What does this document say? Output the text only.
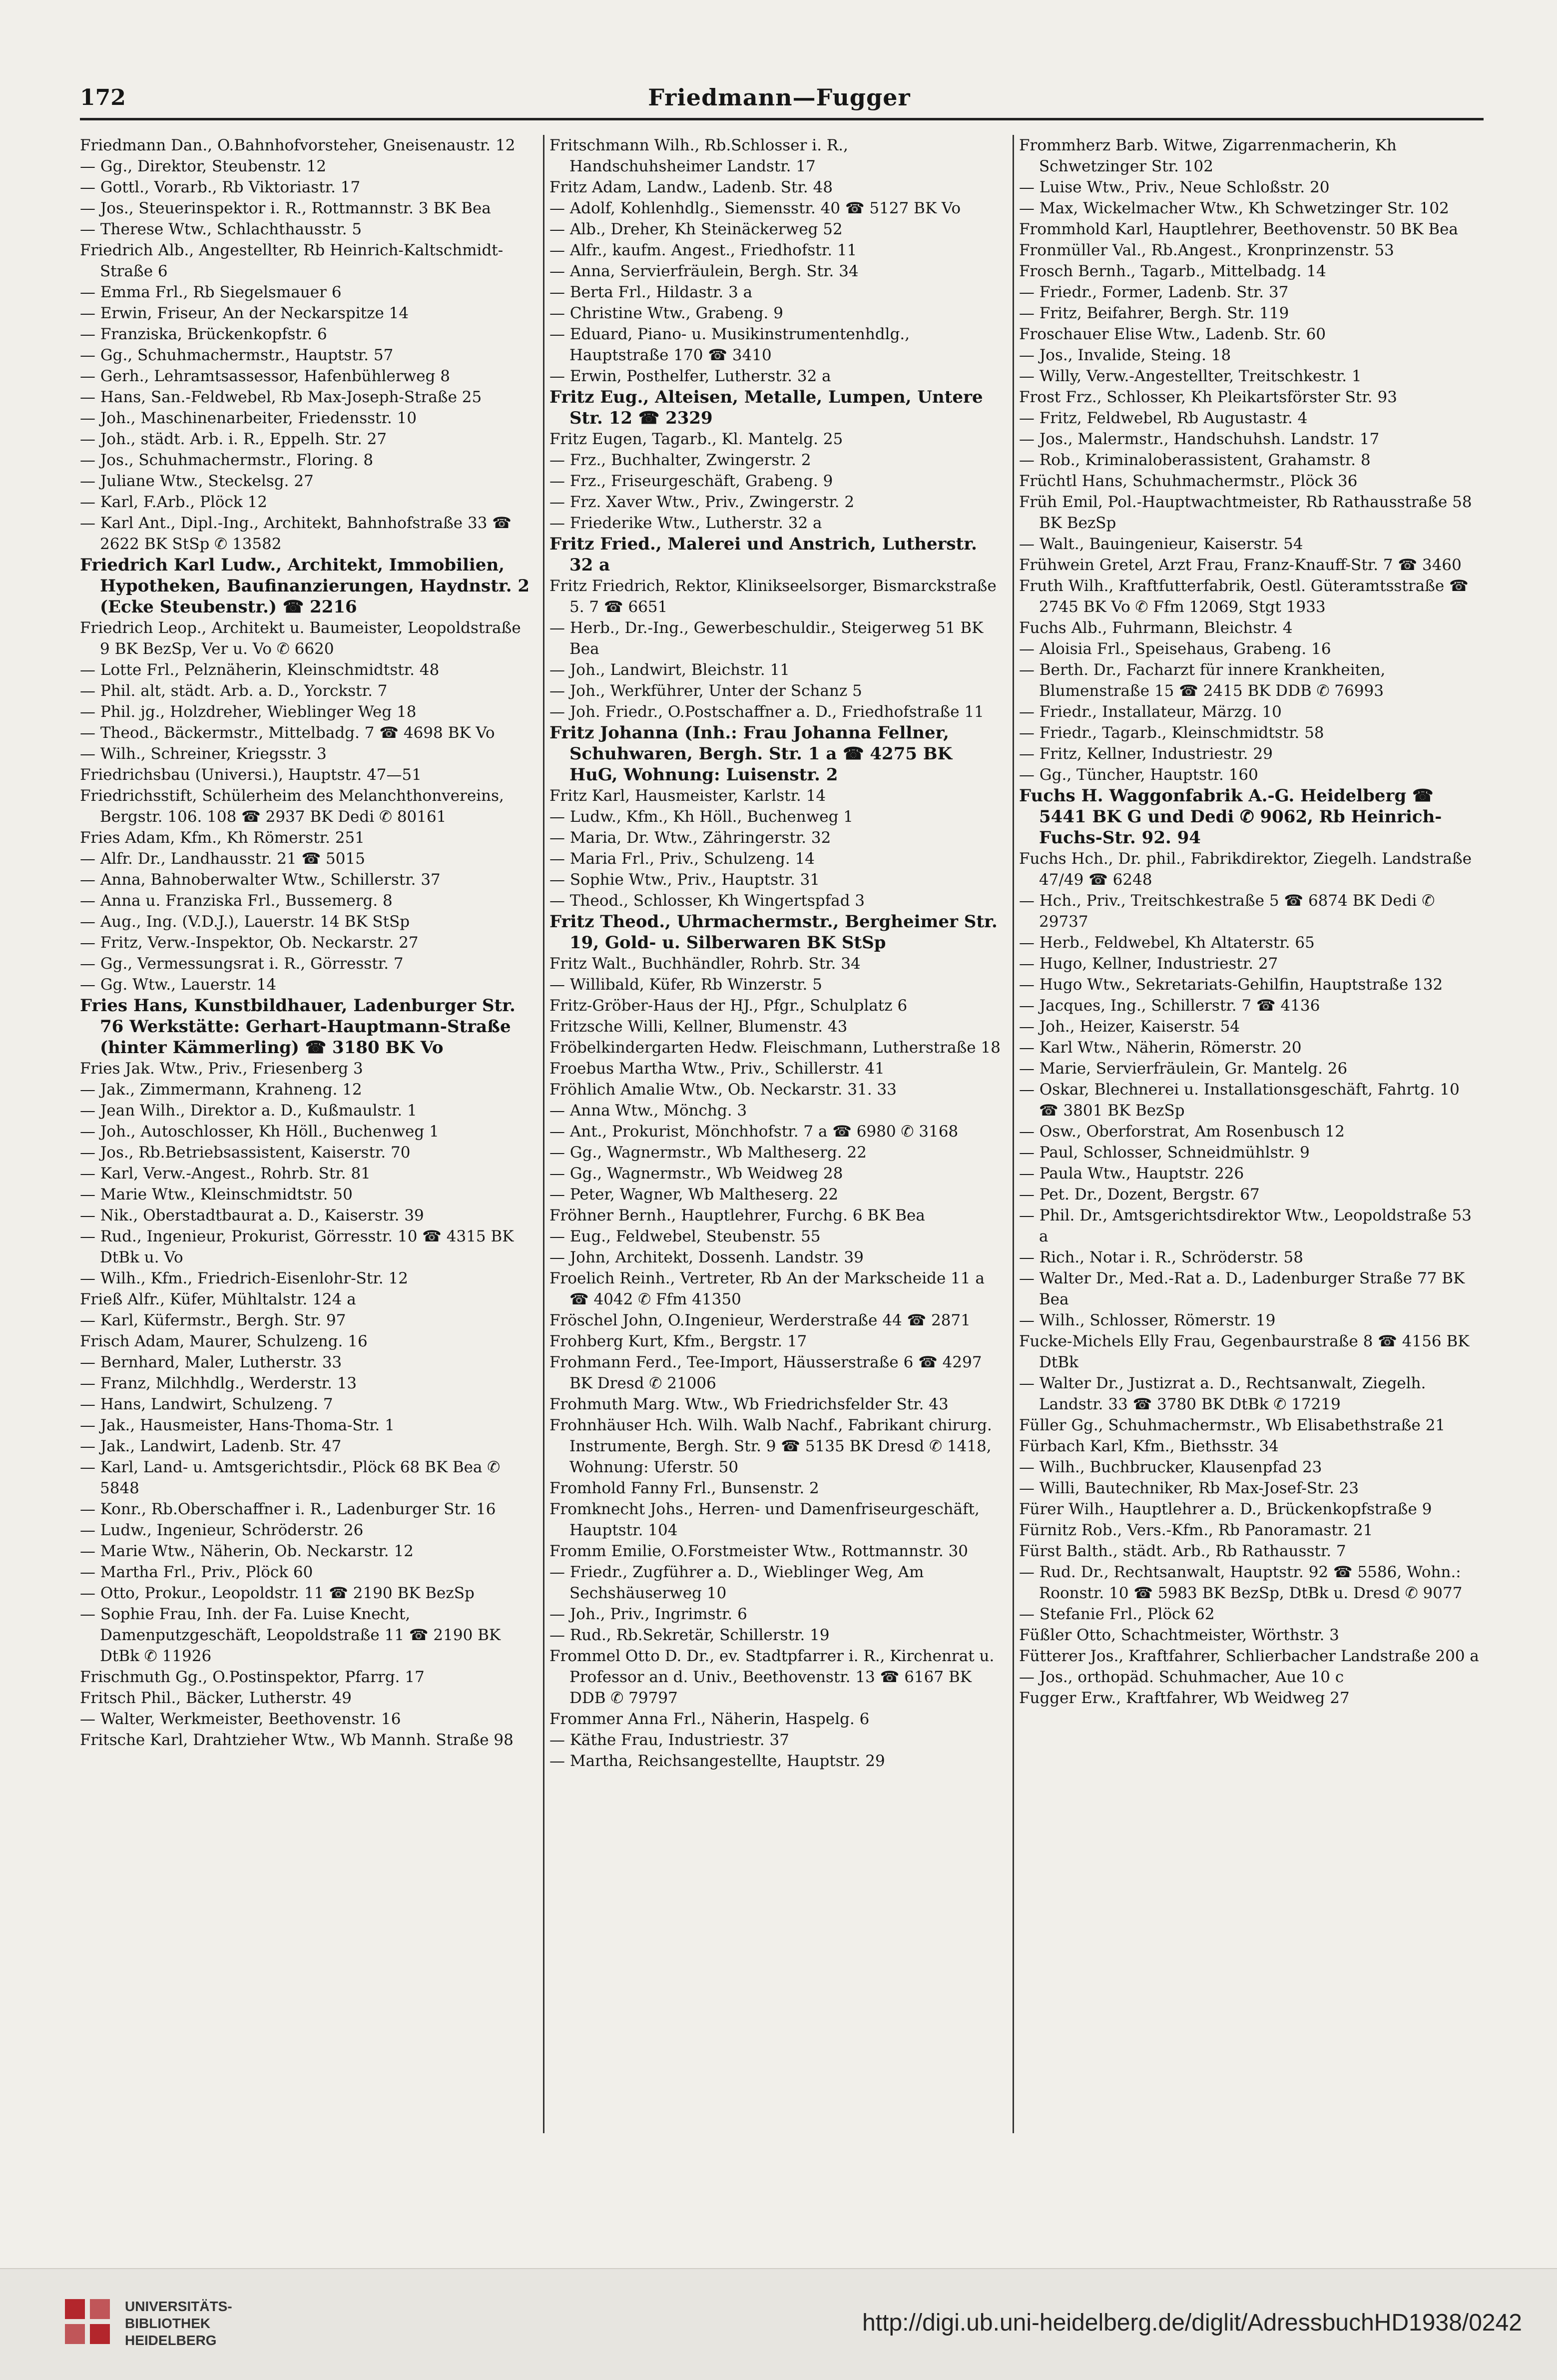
172	Friedmann—Fugger

Friedmann Dan., O.Bahnhofvorsteher, Gneisenaustr. 12

— Gg., Direktor, Steubenstr. 12

— Gottl., Vorarb., Rb Viktoriastr. 17

— Jos., Steuerinspektor i. R., Rottmannstr. 3 BK Bea

— Therese Wtw., Schlachthausstr. 5

Friedrich Alb., Angestellter, Rb Heinrich-Kaltschmidt-Straße 6

— Emma Frl., Rb Siegelsmauer 6

— Erwin, Friseur, An der Neckarspitze 14

— Franziska, Brückenkopfstr. 6

— Gg., Schuhmachermstr., Hauptstr. 57

— Gerh., Lehramtsassessor, Hafenbühlerweg 8

— Hans, San.-Feldwebel, Rb Max-Joseph-Straße 25

— Joh., Maschinenarbeiter, Friedensstr. 10

— Joh., städt. Arb. i. R., Eppelh. Str. 27

— Jos., Schuhmachermstr., Floring. 8

— Juliane Wtw., Steckelsg. 27

— Karl, F.Arb., Plöck 12

— Karl Ant., Dipl.-Ing., Architekt, Bahnhofstraße 33 ☎ 2622 BK StSp ✆ 13582

Friedrich Karl Ludw., Architekt, Immobilien, Hypotheken, Baufinanzierungen, Haydnstr. 2 (Ecke Steubenstr.) ☎ 2216

Friedrich Leop., Architekt u. Baumeister, Leopoldstraße 9 BK BezSp, Ver u. Vo ✆ 6620

— Lotte Frl., Pelznäherin, Kleinschmidtstr. 48

— Phil. alt, städt. Arb. a. D., Yorckstr. 7

— Phil. jg., Holzdreher, Wieblinger Weg 18

— Theod., Bäckermstr., Mittelbadg. 7 ☎ 4698 BK Vo

— Wilh., Schreiner, Kriegsstr. 3

Friedrichsbau (Universi.), Hauptstr. 47—51

Friedrichsstift, Schülerheim des Melanchthonvereins, Bergstr. 106. 108 ☎ 2937 BK Dedi ✆ 80161

Fries Adam, Kfm., Kh Römerstr. 251

— Alfr. Dr., Landhausstr. 21 ☎ 5015

— Anna, Bahnoberwalter Wtw., Schillerstr. 37

— Anna u. Franziska Frl., Bussemerg. 8

— Aug., Ing. (V.D.J.), Lauerstr. 14 BK StSp

— Fritz, Verw.-Inspektor, Ob. Neckarstr. 27

— Gg., Vermessungsrat i. R., Görresstr. 7

— Gg. Wtw., Lauerstr. 14

Fries Hans, Kunstbildhauer, Ladenburger Str. 76 Werkstätte: Gerhart-Hauptmann-Straße (hinter Kämmerling) ☎ 3180 BK Vo

Fries Jak. Wtw., Priv., Friesenberg 3

— Jak., Zimmermann, Krahneng. 12

— Jean Wilh., Direktor a. D., Kußmaulstr. 1

— Joh., Autoschlosser, Kh Höll., Buchenweg 1

— Jos., Rb.Betriebsassistent, Kaiserstr. 70

— Karl, Verw.-Angest., Rohrb. Str. 81

— Marie Wtw., Kleinschmidtstr. 50

— Nik., Oberstadtbaurat a. D., Kaiserstr. 39

— Rud., Ingenieur, Prokurist, Görresstr. 10 ☎ 4315 BK DtBk u. Vo

— Wilh., Kfm., Friedrich-Eisenlohr-Str. 12

Frieß Alfr., Küfer, Mühltalstr. 124 a

— Karl, Küfermstr., Bergh. Str. 97

Frisch Adam, Maurer, Schulzeng. 16

— Bernhard, Maler, Lutherstr. 33

— Franz, Milchhdlg., Werderstr. 13

— Hans, Landwirt, Schulzeng. 7

— Jak., Hausmeister, Hans-Thoma-Str. 1

— Jak., Landwirt, Ladenb. Str. 47

— Karl, Land- u. Amtsgerichtsdir., Plöck 68 BK Bea ✆ 5848

— Konr., Rb.Oberschaffner i. R., Ladenburger Str. 16

— Ludw., Ingenieur, Schröderstr. 26

— Marie Wtw., Näherin, Ob. Neckarstr. 12

— Martha Frl., Priv., Plöck 60

— Otto, Prokur., Leopoldstr. 11 ☎ 2190 BK BezSp

— Sophie Frau, Inh. der Fa. Luise Knecht, Damenputzgeschäft, Leopoldstraße 11 ☎ 2190 BK DtBk ✆ 11926

Frischmuth Gg., O.Postinspektor, Pfarrg. 17

Fritsch Phil., Bäcker, Lutherstr. 49

— Walter, Werkmeister, Beethovenstr. 16

Fritsche Karl, Drahtzieher Wtw., Wb Mannh. Straße 98

Fritschmann Wilh., Rb.Schlosser i. R., Handschuhsheimer Landstr. 17

Fritz Adam, Landw., Ladenb. Str. 48

— Adolf, Kohlenhdlg., Siemensstr. 40 ☎ 5127 BK Vo

— Alb., Dreher, Kh Steinäckerweg 52

— Alfr., kaufm. Angest., Friedhofstr. 11

— Anna, Servierfräulein, Bergh. Str. 34

— Berta Frl., Hildastr. 3 a

— Christine Wtw., Grabeng. 9

— Eduard, Piano- u. Musikinstrumentenhdlg., Hauptstraße 170 ☎ 3410

— Erwin, Posthelfer, Lutherstr. 32 a

Fritz Eug., Alteisen, Metalle, Lumpen, Untere Str. 12 ☎ 2329

Fritz Eugen, Tagarb., Kl. Mantelg. 25

— Frz., Buchhalter, Zwingerstr. 2

— Frz., Friseurgeschäft, Grabeng. 9

— Frz. Xaver Wtw., Priv., Zwingerstr. 2

— Friederike Wtw., Lutherstr. 32 a

Fritz Fried., Malerei und Anstrich, Lutherstr. 32 a

Fritz Friedrich, Rektor, Klinikseelsorger, Bismarckstraße 5. 7 ☎ 6651

— Herb., Dr.-Ing., Gewerbeschuldir., Steigerweg 51 BK Bea

— Joh., Landwirt, Bleichstr. 11

— Joh., Werkführer, Unter der Schanz 5

— Joh. Friedr., O.Postschaffner a. D., Friedhofstraße 11

Fritz Johanna (Inh.: Frau Johanna Fellner, Schuhwaren, Bergh. Str. 1 a ☎ 4275 BK HuG, Wohnung: Luisenstr. 2

Fritz Karl, Hausmeister, Karlstr. 14

— Ludw., Kfm., Kh Höll., Buchenweg 1

— Maria, Dr. Wtw., Zähringerstr. 32

— Maria Frl., Priv., Schulzeng. 14

— Sophie Wtw., Priv., Hauptstr. 31

— Theod., Schlosser, Kh Wingertspfad 3

Fritz Theod., Uhrmachermstr., Bergheimer Str. 19, Gold- u. Silberwaren BK StSp

Fritz Walt., Buchhändler, Rohrb. Str. 34

— Willibald, Küfer, Rb Winzerstr. 5

Fritz-Gröber-Haus der HJ., Pfgr., Schulplatz 6

Fritzsche Willi, Kellner, Blumenstr. 43

Fröbelkindergarten Hedw. Fleischmann, Lutherstraße 18

Froebus Martha Wtw., Priv., Schillerstr. 41

Fröhlich Amalie Wtw., Ob. Neckarstr. 31. 33

— Anna Wtw., Mönchg. 3

— Ant., Prokurist, Mönchhofstr. 7 a ☎ 6980 ✆ 3168

— Gg., Wagnermstr., Wb Maltheserg. 22

— Gg., Wagnermstr., Wb Weidweg 28

— Peter, Wagner, Wb Maltheserg. 22

Fröhner Bernh., Hauptlehrer, Furchg. 6 BK Bea

— Eug., Feldwebel, Steubenstr. 55

— John, Architekt, Dossenh. Landstr. 39

Froelich Reinh., Vertreter, Rb An der Markscheide 11 a ☎ 4042 ✆ Ffm 41350

Fröschel John, O.Ingenieur, Werderstraße 44 ☎ 2871

Frohberg Kurt, Kfm., Bergstr. 17

Frohmann Ferd., Tee-Import, Häusserstraße 6 ☎ 4297 BK Dresd ✆ 21006

Frohmuth Marg. Wtw., Wb Friedrichsfelder Str. 43

Frohnhäuser Hch. Wilh. Walb Nachf., Fabrikant chirurg. Instrumente, Bergh. Str. 9 ☎ 5135 BK Dresd ✆ 1418, Wohnung: Uferstr. 50

Fromhold Fanny Frl., Bunsenstr. 2

Fromknecht Johs., Herren- und Damenfriseurgeschäft, Hauptstr. 104

Fromm Emilie, O.Forstmeister Wtw., Rottmannstr. 30

— Friedr., Zugführer a. D., Wieblinger Weg, Am Sechshäuserweg 10

— Joh., Priv., Ingrimstr. 6

— Rud., Rb.Sekretär, Schillerstr. 19

Frommel Otto D. Dr., ev. Stadtpfarrer i. R., Kirchenrat u. Professor an d. Univ., Beethovenstr. 13 ☎ 6167 BK DDB ✆ 79797

Frommer Anna Frl., Näherin, Haspelg. 6

— Käthe Frau, Industriestr. 37

— Martha, Reichsangestellte, Hauptstr. 29

Frommherz Barb. Witwe, Zigarrenmacherin, Kh Schwetzinger Str. 102

— Luise Wtw., Priv., Neue Schloßstr. 20

— Max, Wickelmacher Wtw., Kh Schwetzinger Str. 102

Frommhold Karl, Hauptlehrer, Beethovenstr. 50 BK Bea

Fronmüller Val., Rb.Angest., Kronprinzenstr. 53

Frosch Bernh., Tagarb., Mittelbadg. 14

— Friedr., Former, Ladenb. Str. 37

— Fritz, Beifahrer, Bergh. Str. 119

Froschauer Elise Wtw., Ladenb. Str. 60

— Jos., Invalide, Steing. 18

— Willy, Verw.-Angestellter, Treitschkestr. 1

Frost Frz., Schlosser, Kh Pleikartsförster Str. 93

— Fritz, Feldwebel, Rb Augustastr. 4

— Jos., Malermstr., Handschuhsh. Landstr. 17

— Rob., Kriminaloberassistent, Grahamstr. 8

Früchtl Hans, Schuhmachermstr., Plöck 36

Früh Emil, Pol.-Hauptwachtmeister, Rb Rathausstraße 58 BK BezSp

— Walt., Bauingenieur, Kaiserstr. 54

Frühwein Gretel, Arzt Frau, Franz-Knauff-Str. 7 ☎ 3460

Fruth Wilh., Kraftfutterfabrik, Oestl. Güteramtsstraße ☎ 2745 BK Vo ✆ Ffm 12069, Stgt 1933

Fuchs Alb., Fuhrmann, Bleichstr. 4

— Aloisia Frl., Speisehaus, Grabeng. 16

— Berth. Dr., Facharzt für innere Krankheiten, Blumenstraße 15 ☎ 2415 BK DDB ✆ 76993

— Friedr., Installateur, Märzg. 10

— Friedr., Tagarb., Kleinschmidtstr. 58

— Fritz, Kellner, Industriestr. 29

— Gg., Tüncher, Hauptstr. 160

Fuchs H. Waggonfabrik A.-G. Heidelberg ☎ 5441 BK G und Dedi ✆ 9062, Rb Heinrich-Fuchs-Str. 92. 94

Fuchs Hch., Dr. phil., Fabrikdirektor, Ziegelh. Landstraße 47/49 ☎ 6248

— Hch., Priv., Treitschkestraße 5 ☎ 6874 BK Dedi ✆ 29737

— Herb., Feldwebel, Kh Altaterstr. 65

— Hugo, Kellner, Industriestr. 27

— Hugo Wtw., Sekretariats-Gehilfin, Hauptstraße 132

— Jacques, Ing., Schillerstr. 7 ☎ 4136

— Joh., Heizer, Kaiserstr. 54

— Karl Wtw., Näherin, Römerstr. 20

— Marie, Servierfräulein, Gr. Mantelg. 26

— Oskar, Blechnerei u. Installationsgeschäft, Fahrtg. 10 ☎ 3801 BK BezSp

— Osw., Oberforstrat, Am Rosenbusch 12

— Paul, Schlosser, Schneidmühlstr. 9

— Paula Wtw., Hauptstr. 226

— Pet. Dr., Dozent, Bergstr. 67

— Phil. Dr., Amtsgerichtsdirektor Wtw., Leopoldstraße 53 a

— Rich., Notar i. R., Schröderstr. 58

— Walter Dr., Med.-Rat a. D., Ladenburger Straße 77 BK Bea

— Wilh., Schlosser, Römerstr. 19

Fucke-Michels Elly Frau, Gegenbaurstraße 8 ☎ 4156 BK DtBk

— Walter Dr., Justizrat a. D., Rechtsanwalt, Ziegelh. Landstr. 33 ☎ 3780 BK DtBk ✆ 17219

Füller Gg., Schuhmachermstr., Wb Elisabethstraße 21

Fürbach Karl, Kfm., Biethsstr. 34

— Wilh., Buchbrucker, Klausenpfad 23

— Willi, Bautechniker, Rb Max-Josef-Str. 23

Fürer Wilh., Hauptlehrer a. D., Brückenkopfstraße 9

Fürnitz Rob., Vers.-Kfm., Rb Panoramastr. 21

Fürst Balth., städt. Arb., Rb Rathausstr. 7

— Rud. Dr., Rechtsanwalt, Hauptstr. 92 ☎ 5586, Wohn.: Roonstr. 10 ☎ 5983 BK BezSp, DtBk u. Dresd ✆ 9077

— Stefanie Frl., Plöck 62

Füßler Otto, Schachtmeister, Wörthstr. 3

Fütterer Jos., Kraftfahrer, Schlierbacher Landstraße 200 a

— Jos., orthopäd. Schuhmacher, Aue 10 c

Fugger Erw., Kraftfahrer, Wb Weidweg 27

UNIVERSITÄTS-
BIBLIOTHEK
HEIDELBERG
http://digi.ub.uni-heidelberg.de/diglit/AdressbuchHD1938/0242
